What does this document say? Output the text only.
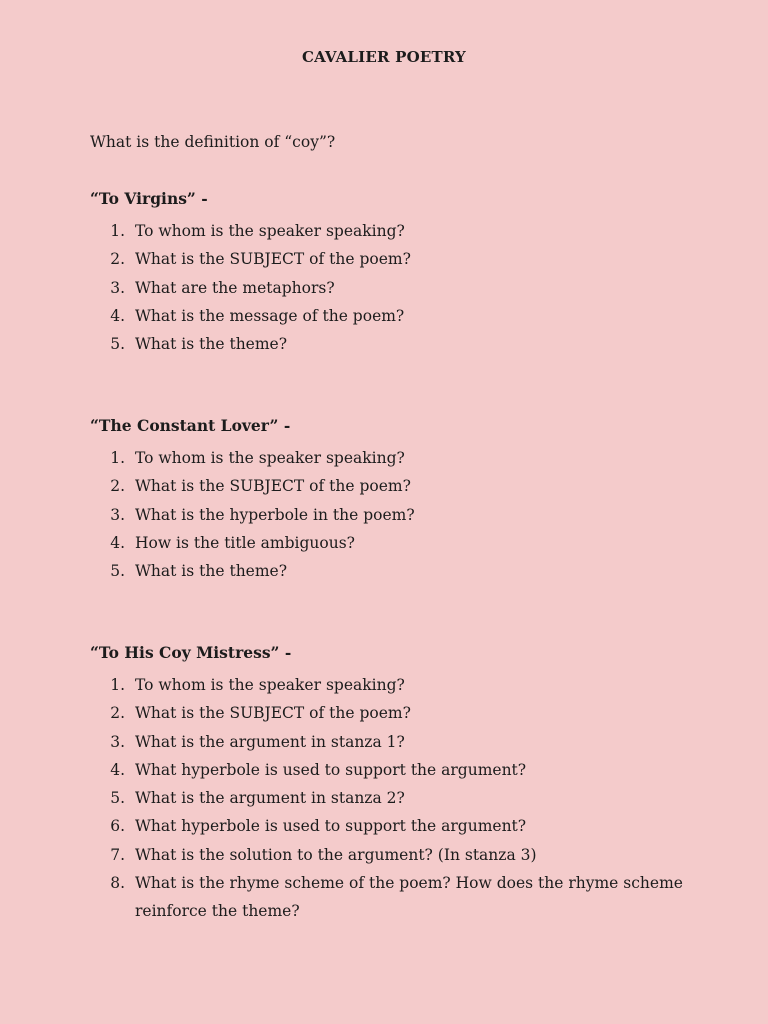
CAVALIER POETRY
What is the definition of “coy”?
“To Virgins” -
1. To whom is the speaker speaking?
2. What is the SUBJECT of the poem?
3. What are the metaphors?
4. What is the message of the poem?
5. What is the theme?
“The Constant Lover” -
1. To whom is the speaker speaking?
2. What is the SUBJECT of the poem?
3. What is the hyperbole in the poem?
4. How is the title ambiguous?
5. What is the theme?
“To His Coy Mistress” -
1. To whom is the speaker speaking?
2. What is the SUBJECT of the poem?
3. What is the argument in stanza 1?
4. What hyperbole is used to support the argument?
5. What is the argument in stanza 2?
6. What hyperbole is used to support the argument?
7. What is the solution to the argument? (In stanza 3)
8. What is the rhyme scheme of the poem? How does the rhyme scheme reinforce the theme?
